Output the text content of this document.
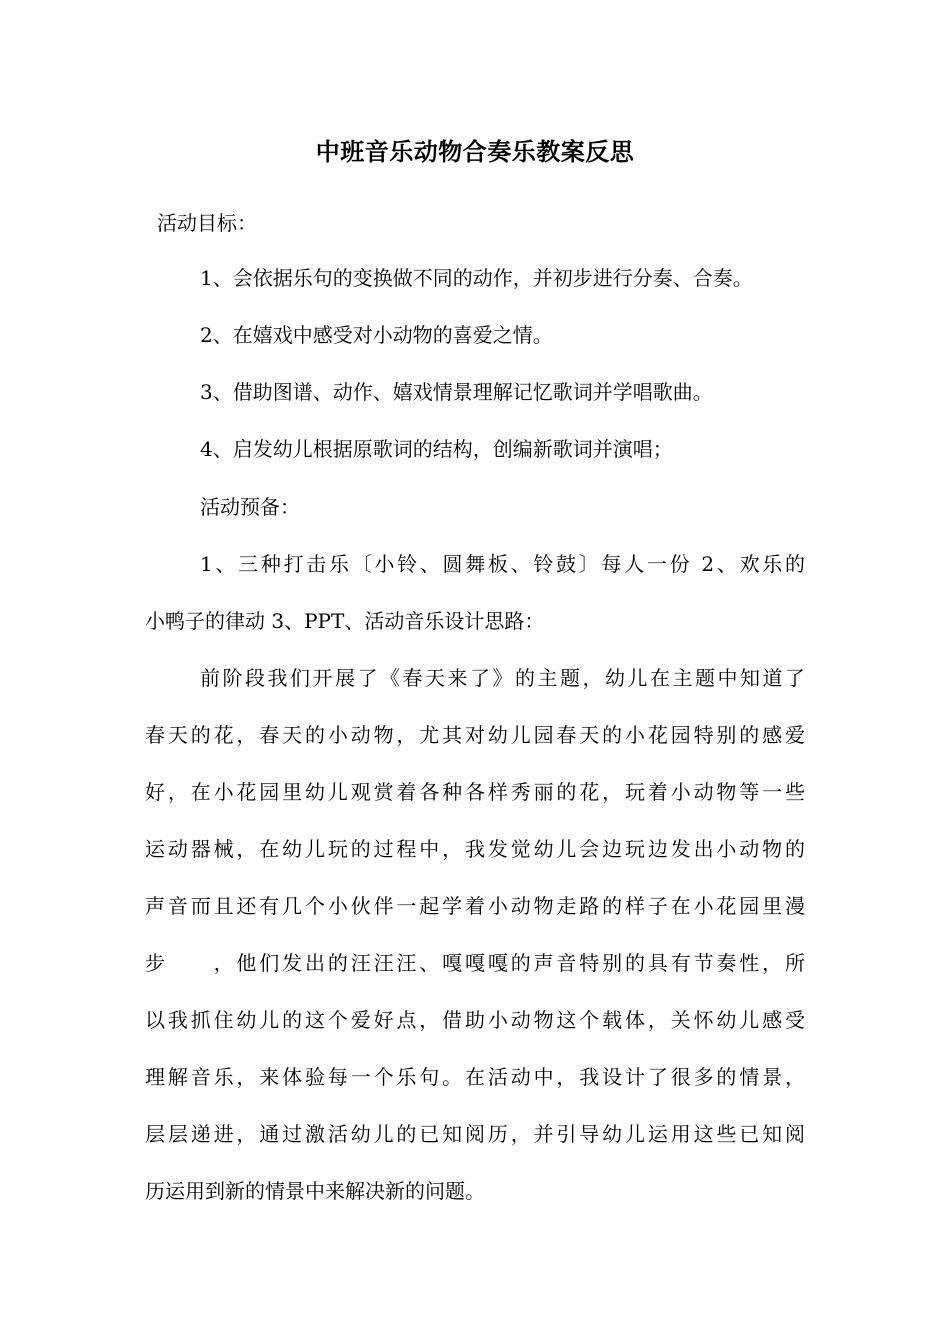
中班音乐动物合奏乐教案反思
活动目标：
1、会依据乐句的变换做不同的动作，并初步进行分奏、合奏。
2、在嬉戏中感受对小动物的喜爱之情。
3、借助图谱、动作、嬉戏情景理解记忆歌词并学唱歌曲。
4、启发幼儿根据原歌词的结构，创编新歌词并演唱；
活动预备：
1、三种打击乐〔小铃、圆舞板、铃鼓〕每人一份 2、欢乐的
小鸭子的律动 3、PPT、活动音乐设计思路：
前阶段我们开展了《春天来了》的主题，幼儿在主题中知道了
春天的花，春天的小动物，尤其对幼儿园春天的小花园特别的感爱
好，在小花园里幼儿观赏着各种各样秀丽的花，玩着小动物等一些
运动器械，在幼儿玩的过程中，我发觉幼儿会边玩边发出小动物的
声音而且还有几个小伙伴一起学着小动物走路的样子在小花园里漫
步　　，他们发出的汪汪汪、嘎嘎嘎的声音特别的具有节奏性，所
以我抓住幼儿的这个爱好点，借助小动物这个载体，关怀幼儿感受
理解音乐，来体验每一个乐句。在活动中，我设计了很多的情景，
层层递进，通过激活幼儿的已知阅历，并引导幼儿运用这些已知阅
历运用到新的情景中来解决新的问题。
